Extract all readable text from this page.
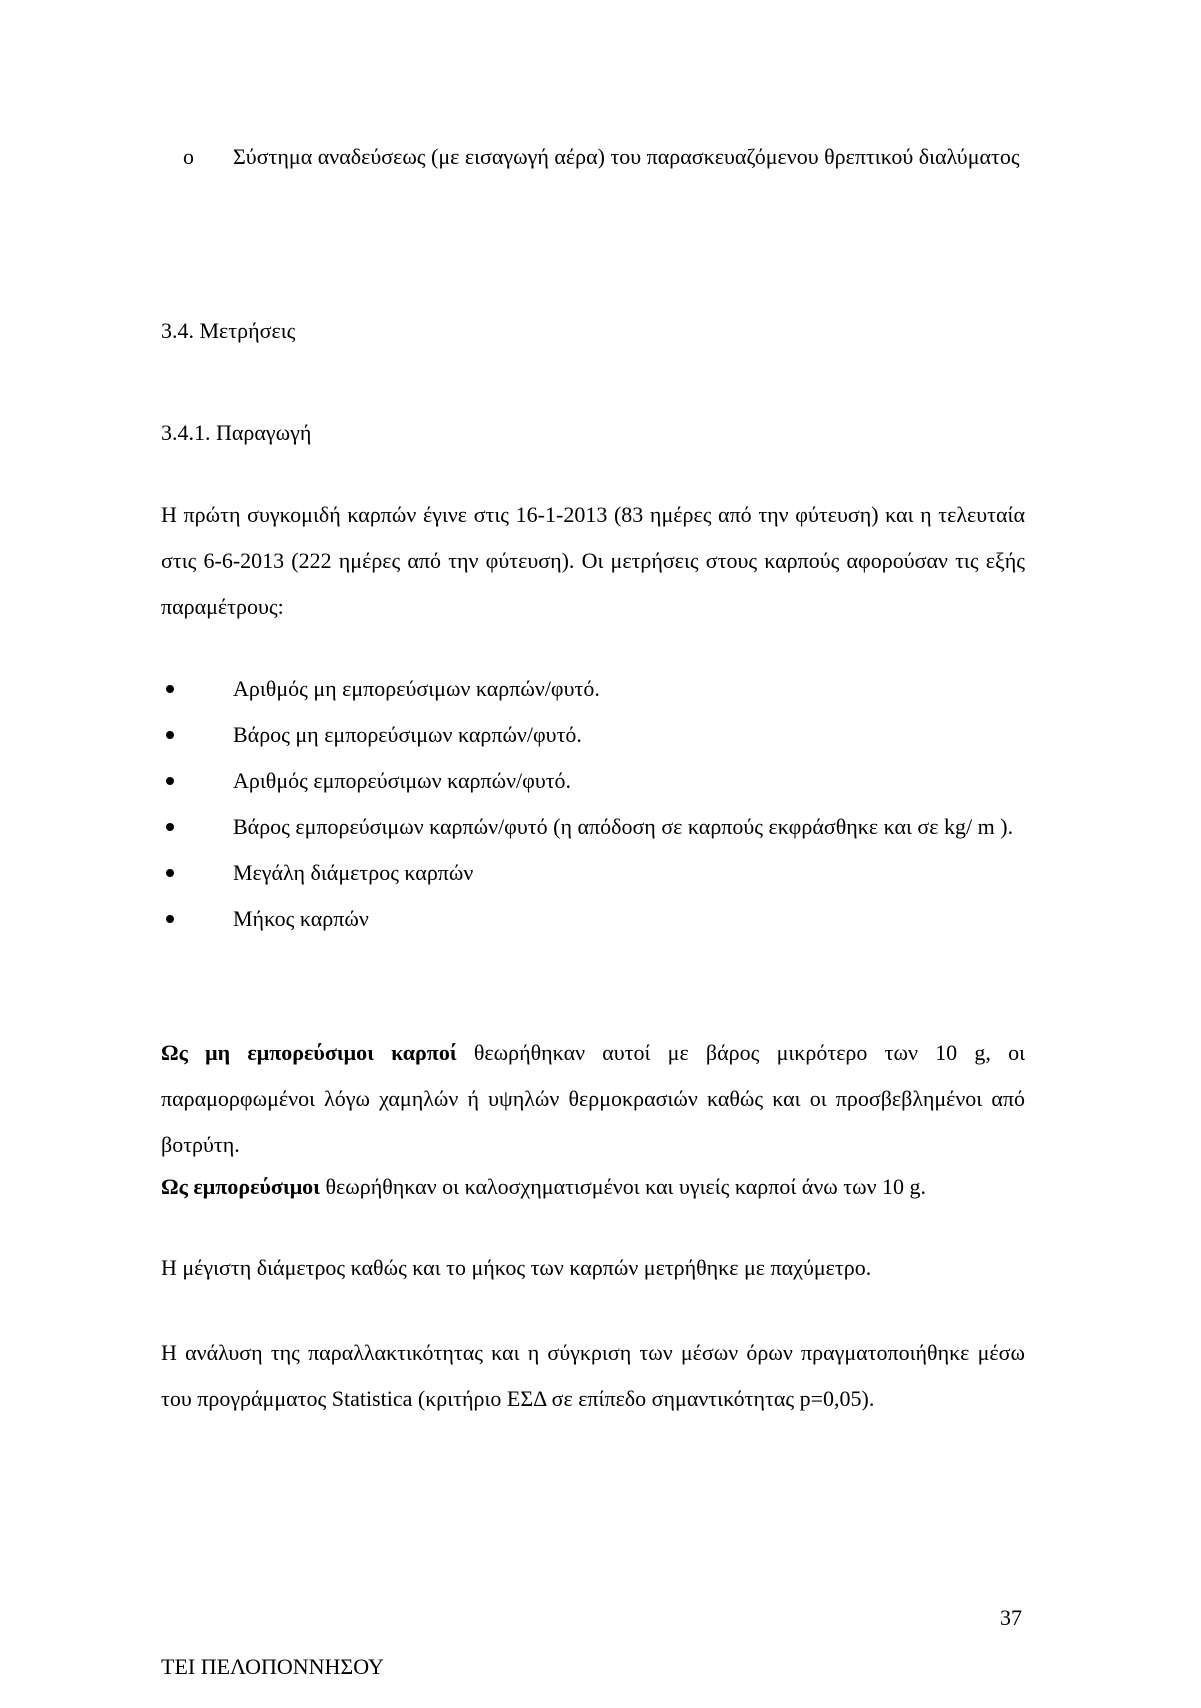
o Σύστημα αναδεύσεως (με εισαγωγή αέρα) του παρασκευαζόμενου θρεπτικού διαλύματος
3.4. Μετρήσεις
3.4.1. Παραγωγή

Η πρώτη συγκομιδή καρπών έγινε στις 16-1-2013 (83 ημέρες από την φύτευση) και η τελευταία στις 6-6-2013 (222 ημέρες από την φύτευση). Οι μετρήσεις στους καρπούς αφορούσαν τις εξής παραμέτρους:

Αριθμός μη εμπορεύσιμων καρπών/φυτό.
Βάρος μη εμπορεύσιμων καρπών/φυτό.
Αριθμός εμπορεύσιμων καρπών/φυτό.
Βάρος εμπορεύσιμων καρπών/φυτό (η απόδοση σε καρπούς εκφράσθηκε και σε kg/ m ).
Μεγάλη διάμετρος καρπών
Μήκος καρπών

Ως μη εμπορεύσιμοι καρποί θεωρήθηκαν αυτοί με βάρος μικρότερο των 10 g, οι παραμορφωμένοι λόγω χαμηλών ή υψηλών θερμοκρασιών καθώς και οι προσβεβλημένοι από βοτρύτη.

Ως εμπορεύσιμοι θεωρήθηκαν οι καλοσχηματισμένοι και υγιείς καρποί άνω των 10 g.

Η μέγιστη διάμετρος καθώς και το μήκος των καρπών μετρήθηκε με παχύμετρο.

Η ανάλυση της παραλλακτικότητας και η σύγκριση των μέσων όρων πραγματοποιήθηκε μέσω του προγράμματος Statistica (κριτήριο ΕΣΔ σε επίπεδο σημαντικότητας p=0,05).

37
ΤΕΙ ΠΕΛΟΠΟΝΝΗΣΟΥ
